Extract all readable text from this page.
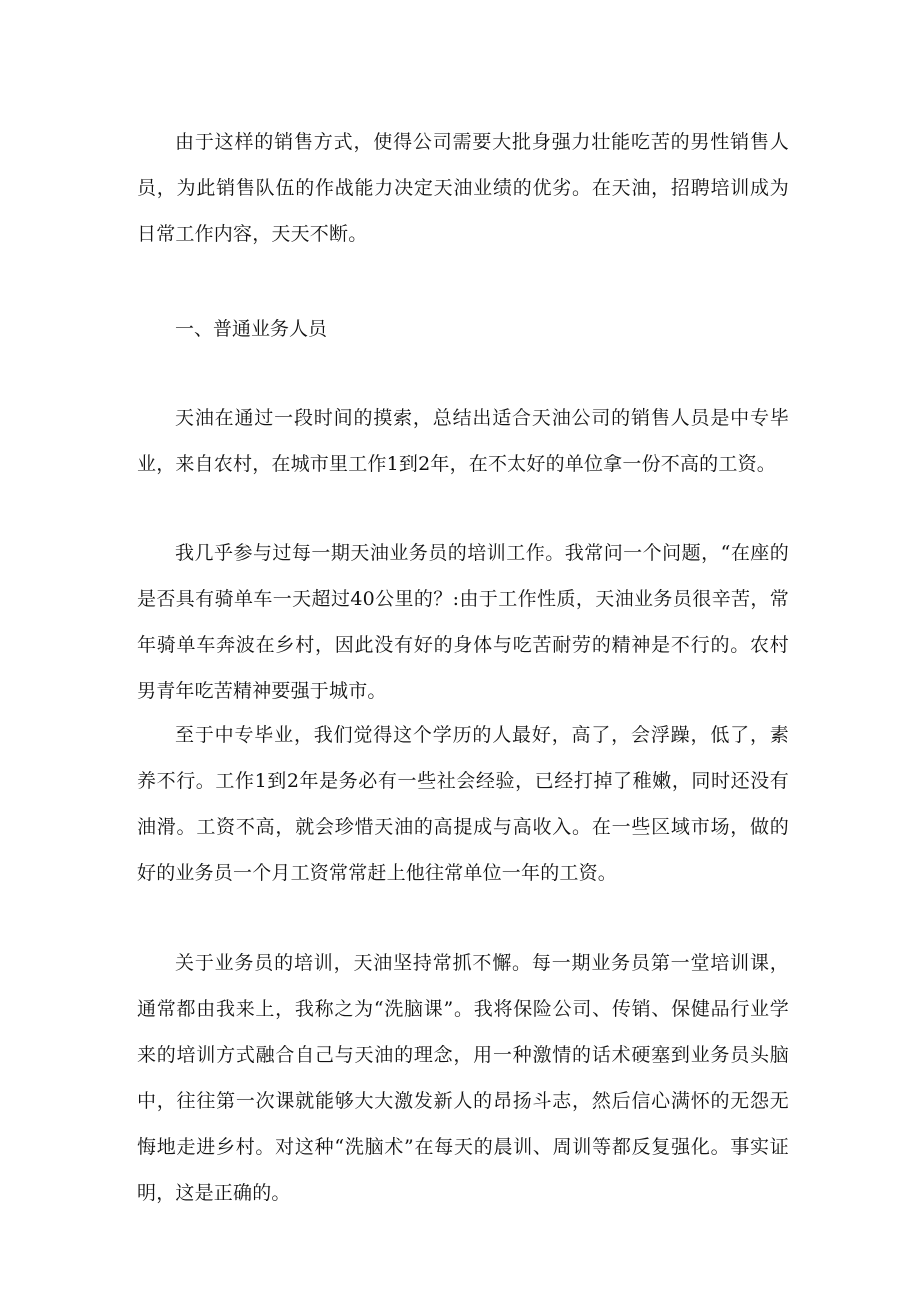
由于这样的销售方式，使得公司需要大批身强力壮能吃苦的男性销售人员，为此销售队伍的作战能力决定天油业绩的优劣。在天油，招聘培训成为日常工作内容，天天不断。

一、普通业务人员

天油在通过一段时间的摸索，总结出适合天油公司的销售人员是中专毕业，来自农村，在城市里工作1到2年，在不太好的单位拿一份不高的工资。

我几乎参与过每一期天油业务员的培训工作。我常问一个问题，“在座的是否具有骑单车一天超过40公里的？:由于工作性质，天油业务员很辛苦，常年骑单车奔波在乡村，因此没有好的身体与吃苦耐劳的精神是不行的。农村男青年吃苦精神要强于城市。

至于中专毕业，我们觉得这个学历的人最好，高了，会浮躁，低了，素养不行。工作1到2年是务必有一些社会经验，已经打掉了稚嫩，同时还没有油滑。工资不高，就会珍惜天油的高提成与高收入。在一些区域市场，做的好的业务员一个月工资常常赶上他往常单位一年的工资。

关于业务员的培训，天油坚持常抓不懈。每一期业务员第一堂培训课，通常都由我来上，我称之为“洗脑课”。我将保险公司、传销、保健品行业学来的培训方式融合自己与天油的理念，用一种激情的话术硬塞到业务员头脑中，往往第一次课就能够大大激发新人的昂扬斗志，然后信心满怀的无怨无悔地走进乡村。对这种“洗脑术”在每天的晨训、周训等都反复强化。事实证明，这是正确的。
